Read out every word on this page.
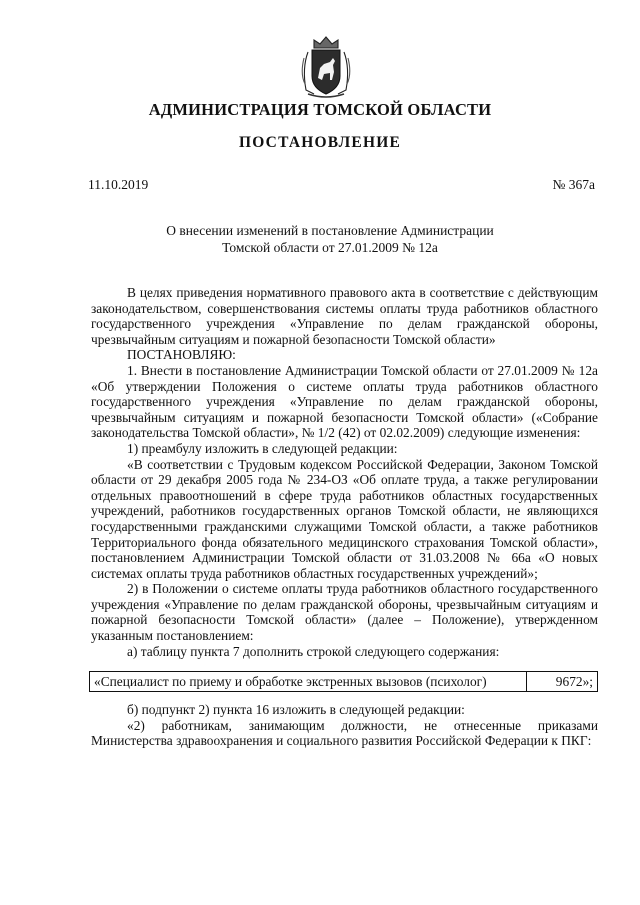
АДМИНИСТРАЦИЯ ТОМСКОЙ ОБЛАСТИ
ПОСТАНОВЛЕНИЕ
11.10.2019	№ 367а
О внесении изменений в постановление Администрации
Томской области от 27.01.2009 № 12а

В целях приведения нормативного правового акта в соответствие с действующим законодательством, совершенствования системы оплаты труда работников областного государственного учреждения «Управление по делам гражданской обороны, чрезвычайным ситуациям и пожарной безопасности Томской области»

ПОСТАНОВЛЯЮ:

1. Внести в постановление Администрации Томской области от 27.01.2009 № 12а «Об утверждении Положения о системе оплаты труда работников областного государственного учреждения «Управление по делам гражданской обороны, чрезвычайным ситуациям и пожарной безопасности Томской области» («Собрание законодательства Томской области», № 1/2 (42) от 02.02.2009) следующие изменения:

1) преамбулу изложить в следующей редакции:

«В соответствии с Трудовым кодексом Российской Федерации, Законом Томской области от 29 декабря 2005 года № 234-ОЗ «Об оплате труда, а также регулировании отдельных правоотношений в сфере труда работников областных государственных учреждений, работников государственных органов Томской области, не являющихся государственными гражданскими служащими Томской области, а также работников Территориального фонда обязательного медицинского страхования Томской области», постановлением Администрации Томской области от 31.03.2008 № 66а «О новых системах оплаты труда работников областных государственных учреждений»;

2) в Положении о системе оплаты труда работников областного государственного учреждения «Управление по делам гражданской обороны, чрезвычайным ситуациям и пожарной безопасности Томской области» (далее – Положение), утвержденном указанным постановлением:

а) таблицу пункта 7 дополнить строкой следующего содержания:

«Специалист по приему и обработке экстренных вызовов (психолог)	9672»;

б) подпункт 2) пункта 16 изложить в следующей редакции:

«2) работникам, занимающим должности, не отнесенные приказами Министерства здравоохранения и социального развития Российской Федерации к ПКГ:
